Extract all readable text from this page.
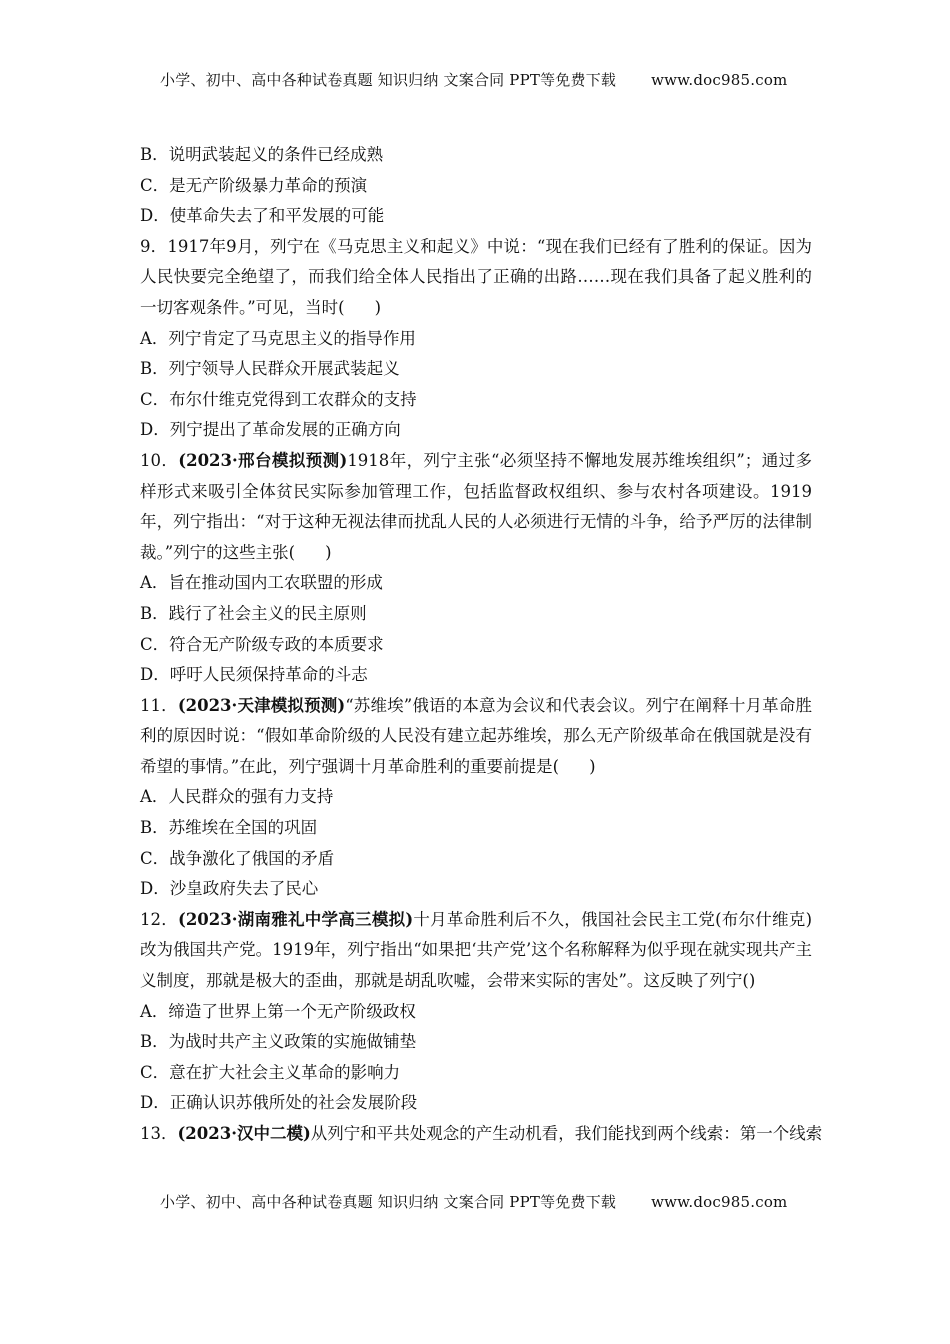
小学、初中、高中各种试卷真题 知识归纳 文案合同 PPT等免费下载 www.doc985.com
B．说明武装起义的条件已经成熟
C．是无产阶级暴力革命的预演
D．使革命失去了和平发展的可能
9．1917年9月，列宁在《马克思主义和起义》中说：“现在我们已经有了胜利的保证。因为人民快要完全绝望了，而我们给全体人民指出了正确的出路……现在我们具备了起义胜利的一切客观条件。”可见，当时( )
A．列宁肯定了马克思主义的指导作用
B．列宁领导人民群众开展武装起义
C．布尔什维克党得到工农群众的支持
D．列宁提出了革命发展的正确方向
10．(2023·邢台模拟预测)1918年，列宁主张“必须坚持不懈地发展苏维埃组织”；通过多样形式来吸引全体贫民实际参加管理工作，包括监督政权组织、参与农村各项建设。1919年，列宁指出：“对于这种无视法律而扰乱人民的人必须进行无情的斗争，给予严厉的法律制裁。”列宁的这些主张( )
A．旨在推动国内工农联盟的形成
B．践行了社会主义的民主原则
C．符合无产阶级专政的本质要求
D．呼吁人民须保持革命的斗志
11．(2023·天津模拟预测)“苏维埃”俄语的本意为会议和代表会议。列宁在阐释十月革命胜利的原因时说：“假如革命阶级的人民没有建立起苏维埃，那么无产阶级革命在俄国就是没有希望的事情。”在此，列宁强调十月革命胜利的重要前提是( )
A．人民群众的强有力支持
B．苏维埃在全国的巩固
C．战争激化了俄国的矛盾
D．沙皇政府失去了民心
12．(2023·湖南雅礼中学高三模拟)十月革命胜利后不久，俄国社会民主工党(布尔什维克)改为俄国共产党。1919年，列宁指出“如果把‘共产党’这个名称解释为似乎现在就实现共产主义制度，那就是极大的歪曲，那就是胡乱吹嘘，会带来实际的害处”。这反映了列宁()
A．缔造了世界上第一个无产阶级政权
B．为战时共产主义政策的实施做铺垫
C．意在扩大社会主义革命的影响力
D．正确认识苏俄所处的社会发展阶段
13．(2023·汉中二模)从列宁和平共处观念的产生动机看，我们能找到两个线索：第一个线索
小学、初中、高中各种试卷真题 知识归纳 文案合同 PPT等免费下载 www.doc985.com
